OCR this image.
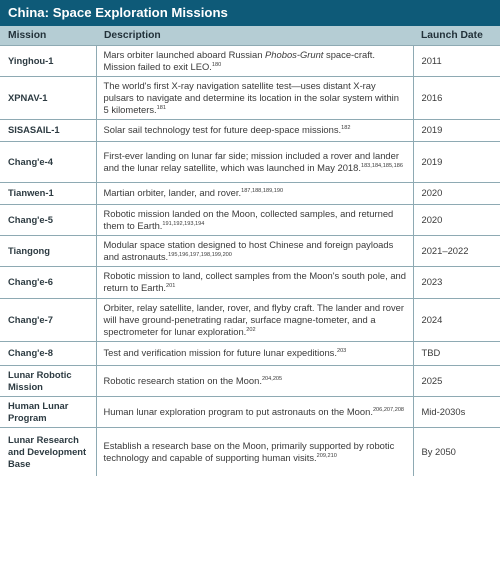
China: Space Exploration Missions
Mission	Description	Launch Date
Yinghou-1	Mars orbiter launched aboard Russian Phobos-Grunt space-craft. Mission failed to exit LEO.$^{180}$	2011
XPNAV-1	The world's first X-ray navigation satellite test—uses distant X-ray pulsars to navigate and determine its location in the solar system within 5 kilometers.$^{181}$	2016
SISASAIL-1	Solar sail technology test for future deep-space missions.$^{182}$	2019
Chang'e-4	First-ever landing on lunar far side; mission included a rover and lander and the lunar relay satellite, which was launched in May 2018.$^{183,184,185,186}$	2019
Tianwen-1	Martian orbiter, lander, and rover.$^{187,188,189,190}$	2020
Chang'e-5	Robotic mission landed on the Moon, collected samples, and returned them to Earth.$^{191,192,193,194}$	2020
Tiangong	Modular space station designed to host Chinese and foreign payloads and astronauts.$^{195,196,197,198,199,200}$	2021–2022
Chang'e-6	Robotic mission to land, collect samples from the Moon's south pole, and return to Earth.$^{201}$	2023
Chang'e-7	Orbiter, relay satellite, lander, rover, and flyby craft. The lander and rover will have ground-penetrating radar, surface magne-tometer, and a spectrometer for lunar exploration.$^{202}$	2024
Chang'e-8	Test and verification mission for future lunar expeditions.$^{203}$	TBD
Lunar Robotic Mission	Robotic research station on the Moon.$^{204,205}$	2025
Human Lunar Program	Human lunar exploration program to put astronauts on the Moon.$^{206,207,208}$	Mid-2030s
Lunar Research and Development Base	Establish a research base on the Moon, primarily supported by robotic technology and capable of supporting human visits.$^{209,210}$	By 2050
